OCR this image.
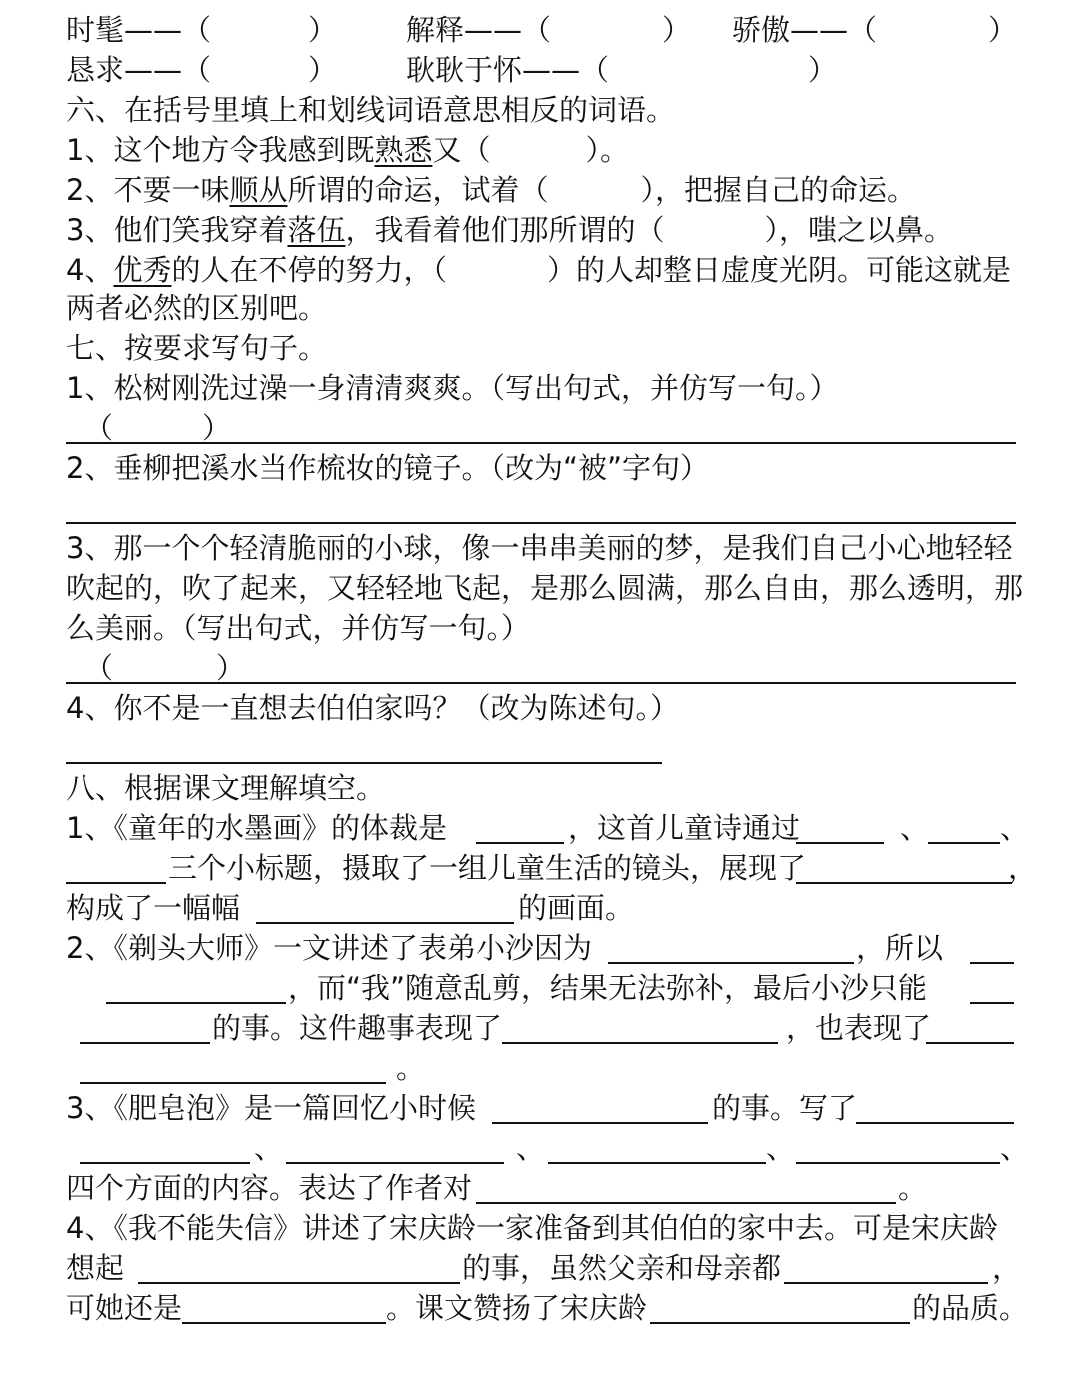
时髦——（	） 解释——（	） 骄傲——（	）
恳求——（	） 耿耿于怀——（	）
六、在括号里填上和划线词语意思相反的词语。
1、这个地方令我感到既熟悉又（	）。
2、不要一味顺从所谓的命运，试着（	），把握自己的命运。
3、他们笑我穿着落伍，我看着他们那所谓的（	），嗤之以鼻。
4、优秀的人在不停的努力，（	）的人却整日虚度光阴。可能这就是
两者必然的区别吧。
七、按要求写句子。
1、松树刚洗过澡一身清清爽爽。（写出句式，并仿写一句。）
（	）
2、垂柳把溪水当作梳妆的镜子。（改为“被”字句）
3、那一个个轻清脆丽的小球，像一串串美丽的梦，是我们自己小心地轻轻
吹起的，吹了起来，又轻轻地飞起，是那么圆满，那么自由，那么透明，那
么美丽。（写出句式，并仿写一句。）
（	）
4、你不是一直想去伯伯家吗？（改为陈述句。）
八、根据课文理解填空。
1、《童年的水墨画》的体裁是	，这首儿童诗通过	、 、
三个小标题，摄取了一组儿童生活的镜头，展现了	，
构成了一幅幅	的画面。
2、《剃头大师》一文讲述了表弟小沙因为	，所以
，而“我”随意乱剪，结果无法弥补，最后小沙只能
的事。这件趣事表现了	，也表现了
。
3、《肥皂泡》是一篇回忆小时候	的事。写了
、	、	、	、
四个方面的内容。表达了作者对	。
4、《我不能失信》讲述了宋庆龄一家准备到其伯伯的家中去。可是宋庆龄
想起	的事，虽然父亲和母亲都	，
可她还是	。课文赞扬了宋庆龄	的品质。
